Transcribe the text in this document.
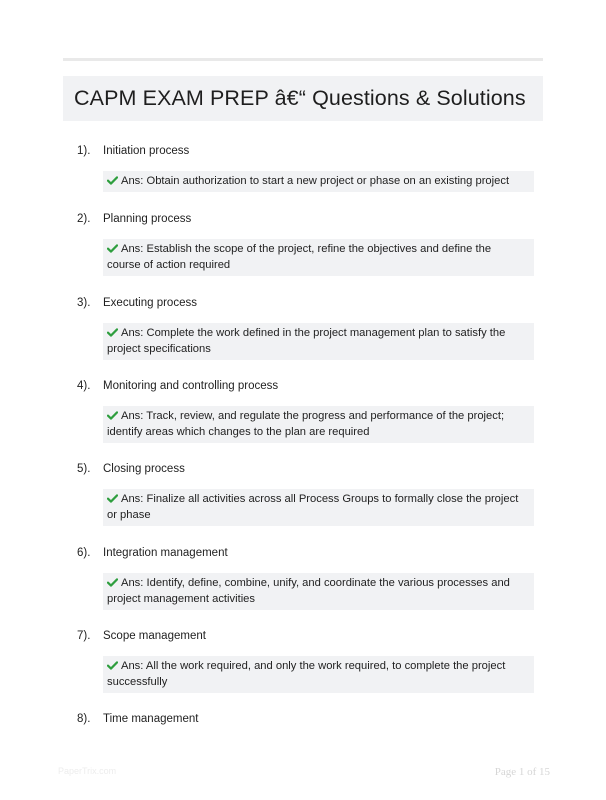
CAPM EXAM PREP â€“ Questions & Solutions
1). Initiation process
Ans: Obtain authorization to start a new project or phase on an existing project
2). Planning process
Ans: Establish the scope of the project, refine the objectives and define the course of action required
3). Executing process
Ans: Complete the work defined in the project management plan to satisfy the project specifications
4). Monitoring and controlling process
Ans: Track, review, and regulate the progress and performance of the project; identify areas which changes to the plan are required
5). Closing process
Ans: Finalize all activities across all Process Groups to formally close the project or phase
6). Integration management
Ans: Identify, define, combine, unify, and coordinate the various processes and project management activities
7). Scope management
Ans: All the work required, and only the work required, to complete the project successfully
8). Time management
PaperTrix.com	Page 1 of 15
